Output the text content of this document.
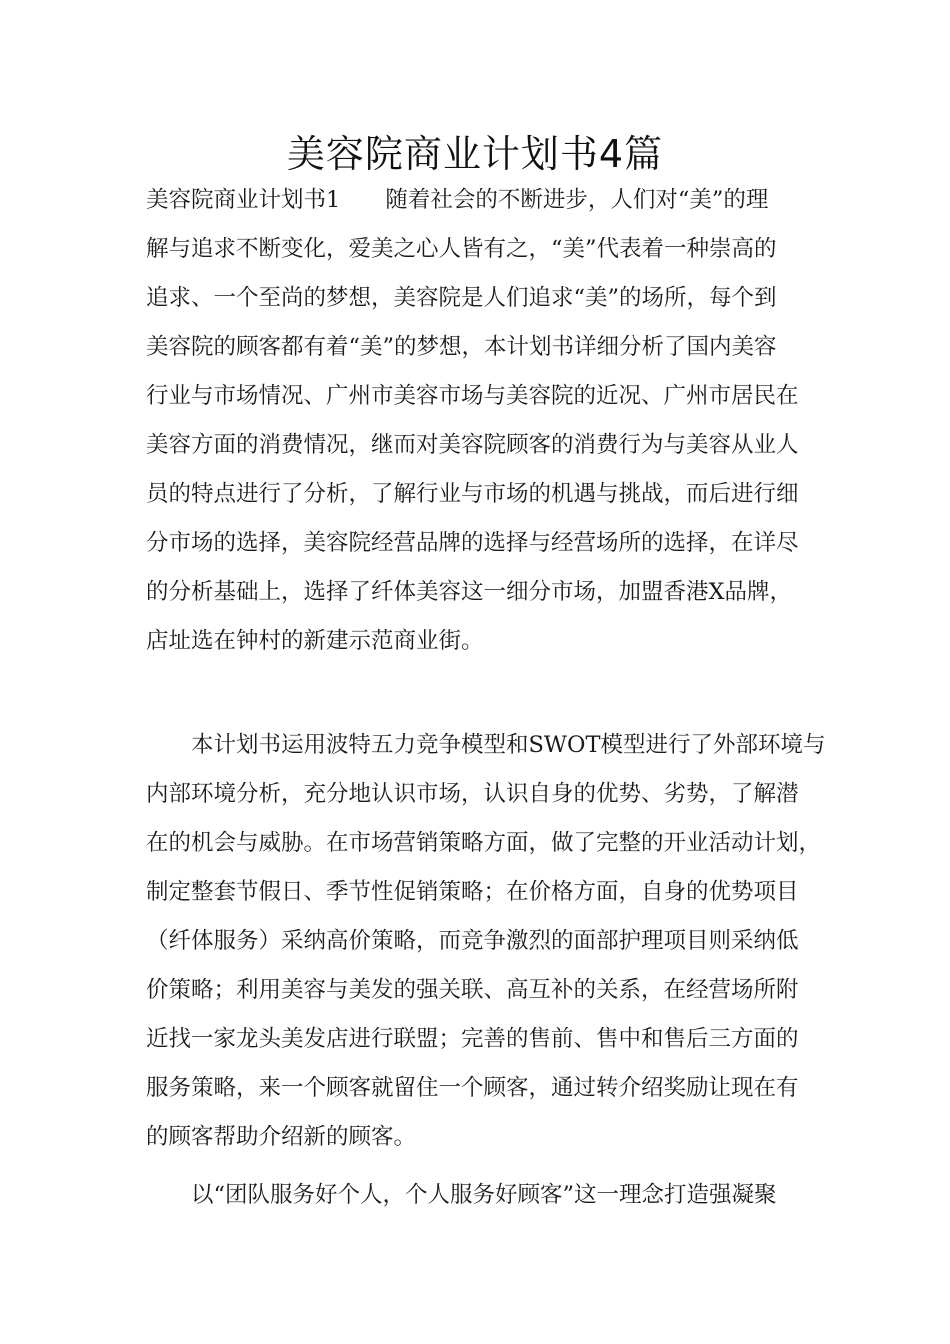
美容院商业计划书4篇
美容院商业计划书1　　随着社会的不断进步，人们对“美”的理
解与追求不断变化，爱美之心人皆有之，“美”代表着一种崇高的
追求、一个至尚的梦想，美容院是人们追求“美”的场所，每个到
美容院的顾客都有着“美”的梦想，本计划书详细分析了国内美容
行业与市场情况、广州市美容市场与美容院的近况、广州市居民在
美容方面的消费情况，继而对美容院顾客的消费行为与美容从业人
员的特点进行了分析，了解行业与市场的机遇与挑战，而后进行细
分市场的选择，美容院经营品牌的选择与经营场所的选择，在详尽
的分析基础上，选择了纤体美容这一细分市场，加盟香港X品牌，
店址选在钟村的新建示范商业街。
　　本计划书运用波特五力竞争模型和SWOT模型进行了外部环境与
内部环境分析，充分地认识市场，认识自身的优势、劣势，了解潜
在的机会与威胁。在市场营销策略方面，做了完整的开业活动计划，
制定整套节假日、季节性促销策略；在价格方面，自身的优势项目
（纤体服务）采纳高价策略，而竞争激烈的面部护理项目则采纳低
价策略；利用美容与美发的强关联、高互补的关系，在经营场所附
近找一家龙头美发店进行联盟；完善的售前、售中和售后三方面的
服务策略，来一个顾客就留住一个顾客，通过转介绍奖励让现在有
的顾客帮助介绍新的顾客。
　　以“团队服务好个人，个人服务好顾客”这一理念打造强凝聚
